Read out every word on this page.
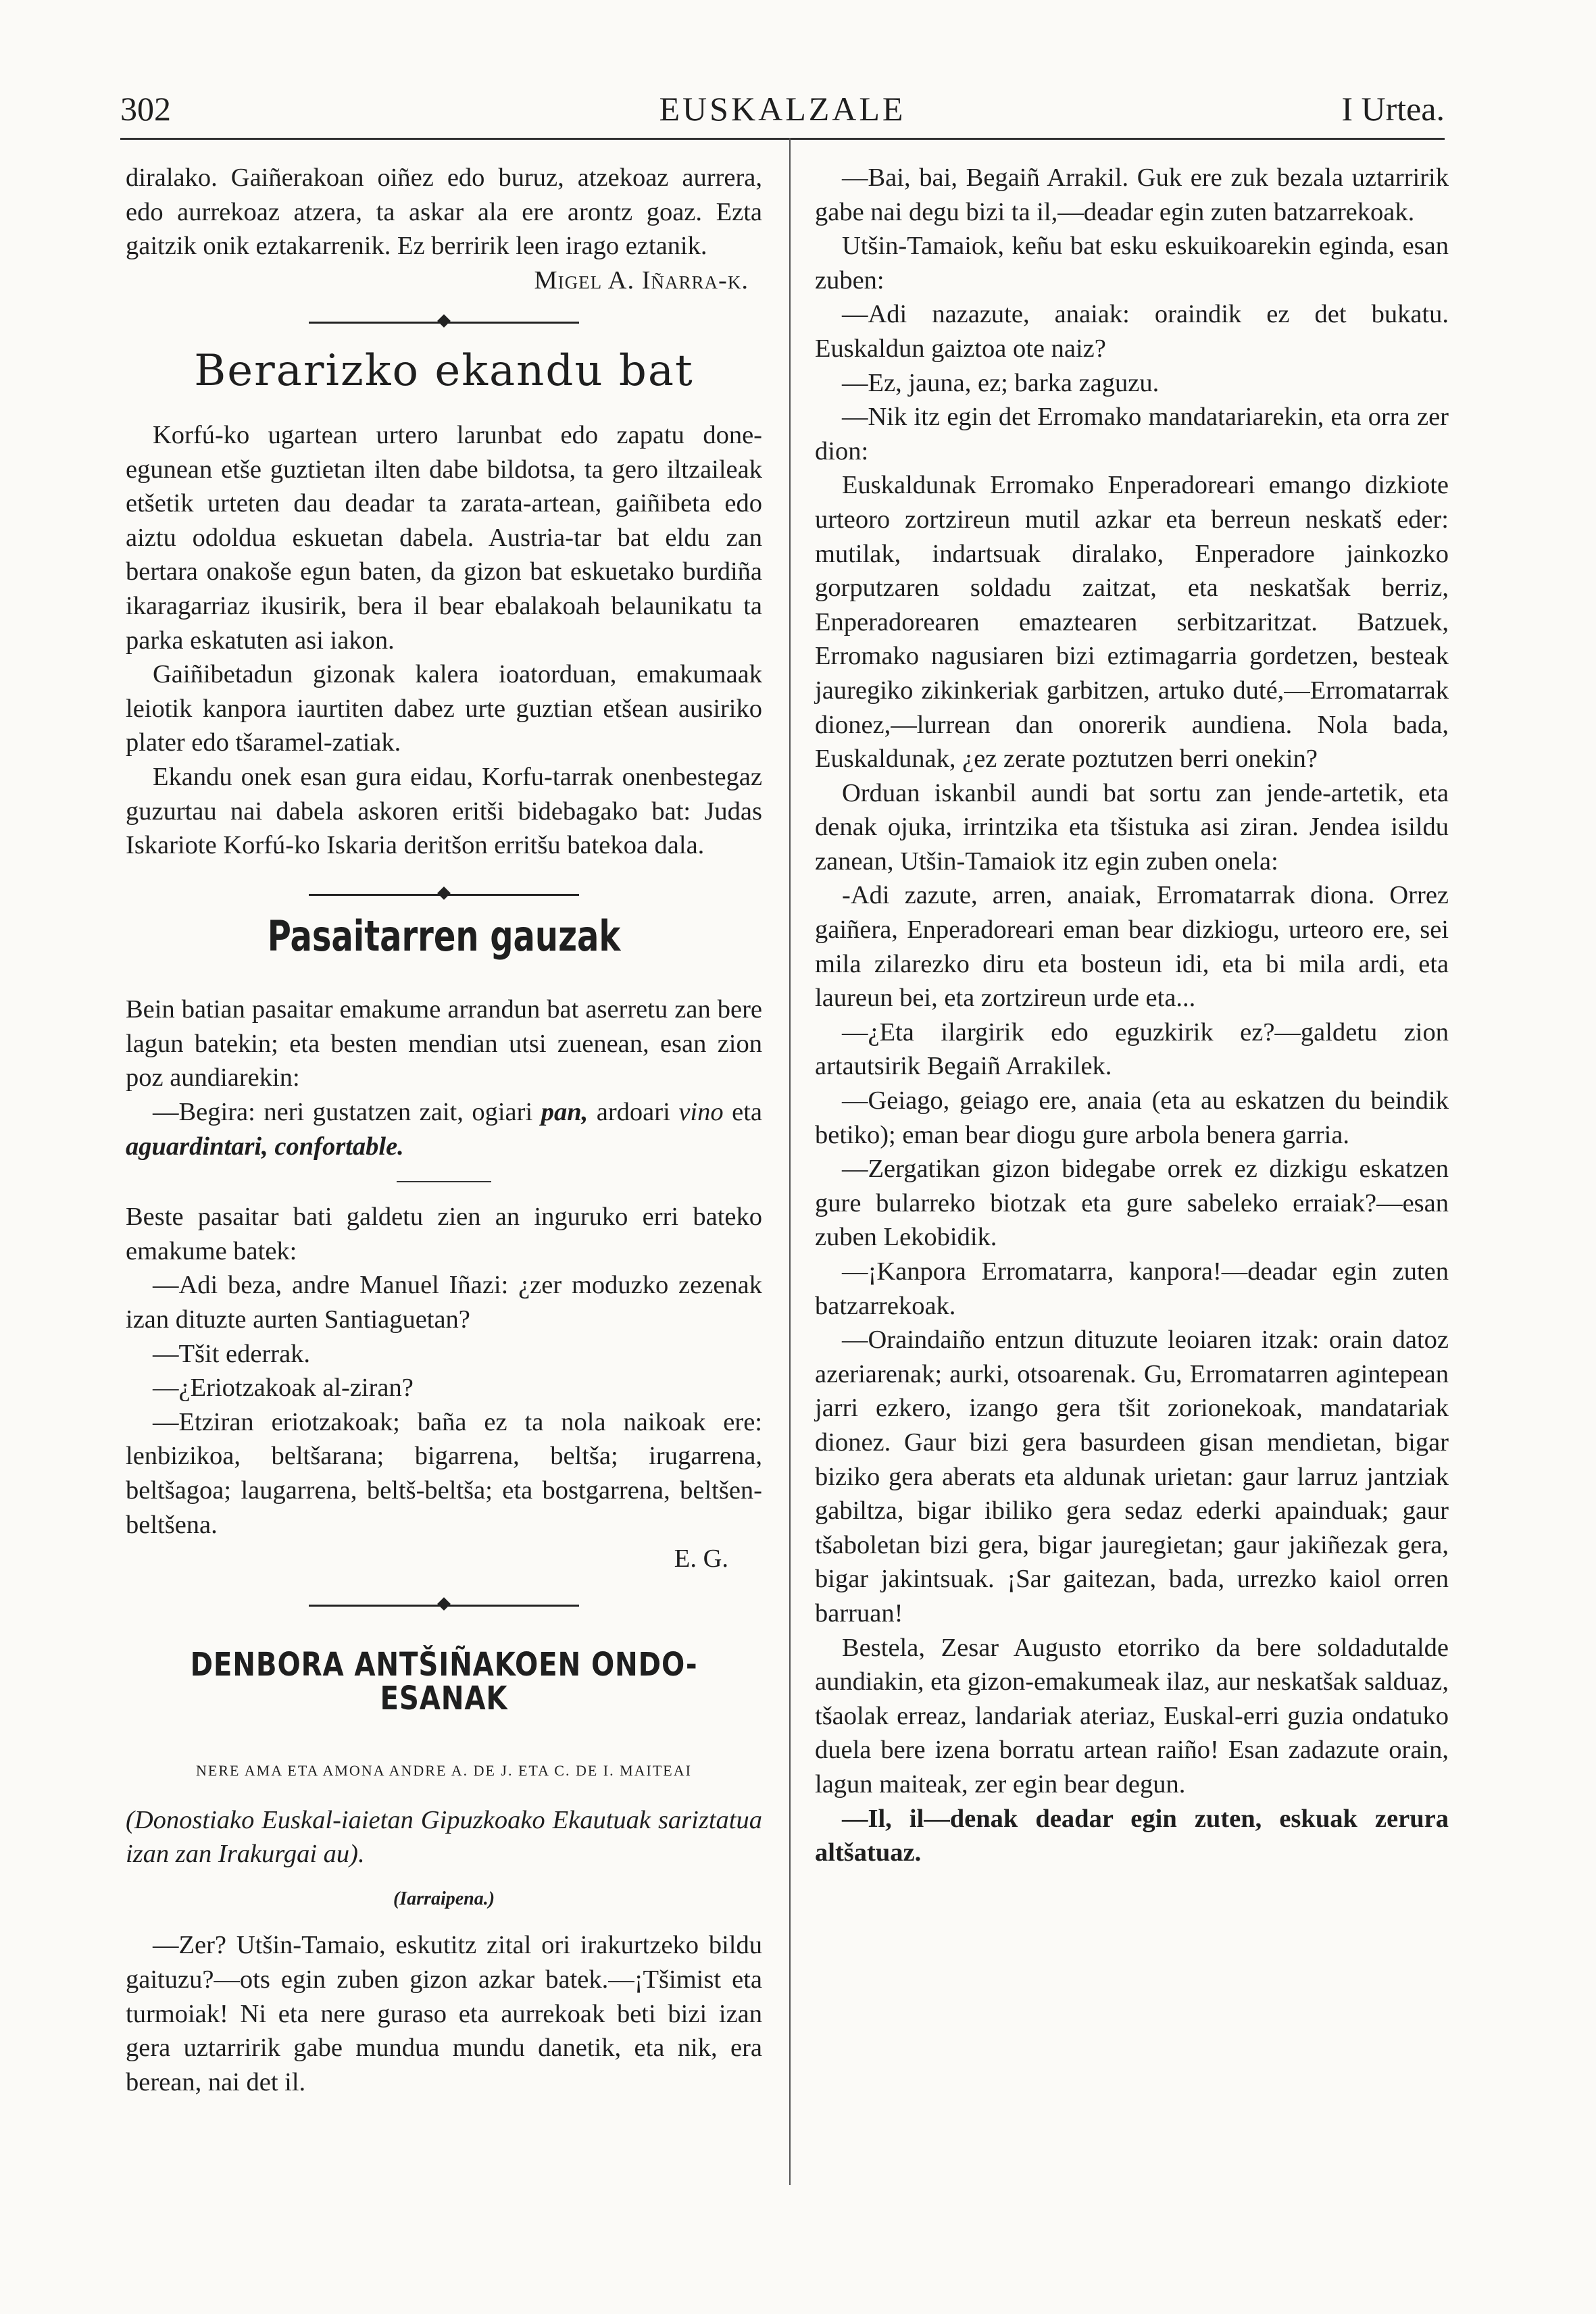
302	EUSKALZALE	I Urtea.

diralako. Gaiñerakoan oiñez edo buruz, atzekoaz aurrera, edo aurrekoaz atzera, ta askar ala ere arontz goaz. Ezta gaitzik onik eztakarrenik. Ez berririk leen irago eztanik.

Migel A. Iñarra-k.

Berarizko ekandu bat

Korfú-ko ugartean urtero larunbat edo zapatu done-egunean etše guztietan ilten dabe bildotsa, ta gero iltzaileak etšetik urteten dau deadar ta zarata-artean, gaiñibeta edo aiztu odoldua eskuetan dabela. Austria-tar bat eldu zan bertara onakoše egun baten, da gizon bat eskuetako burdiña ikaragarriaz ikusirik, bera il bear ebalakoah belaunikatu ta parka eskatuten asi iakon.

Gaiñibetadun gizonak kalera ioatorduan, emakumaak leiotik kanpora iaurtiten dabez urte guztian etšean ausiriko plater edo tšaramel-zatiak.

Ekandu onek esan gura eidau, Korfu-tarrak onenbestegaz guzurtau nai dabela askoren eritši bidebagako bat: Judas Iskariote Korfú-ko Iskaria deritšon erritšu batekoa dala.

Pasaitarren gauzak

Bein batian pasaitar emakume arrandun bat aserretu zan bere lagun batekin; eta besten mendian utsi zuenean, esan zion poz aundiarekin:

—Begira: neri gustatzen zait, ogiari pan, ardoari vino eta aguardintari, confortable.

Beste pasaitar bati galdetu zien an inguruko erri bateko emakume batek:

—Adi beza, andre Manuel Iñazi: ¿zer moduzko zezenak izan dituzte aurten Santiaguetan?

—Tšit ederrak.

—¿Eriotzakoak al-ziran?

—Etziran eriotzakoak; baña ez ta nola naikoak ere: lenbizikoa, beltšarana; bigarrena, beltša; irugarrena, beltšagoa; laugarrena, beltš-beltša; eta bostgarrena, beltšen-beltšena.

E. G.

DENBORA ANTŠIÑAKOEN ONDO-ESANAK

NERE AMA ETA AMONA ANDRE A. DE J. ETA C. DE I. MAITEAI

(Donostiako Euskal-iaietan Gipuzkoako Ekautuak sariztatua izan zan Irakurgai au).

(Iarraipena.)

—Zer? Utšin-Tamaio, eskutitz zital ori irakurtzeko bildu gaituzu?—ots egin zuben gizon azkar batek.—¡Tšimist eta turmoiak! Ni eta nere guraso eta aurrekoak beti bizi izan gera uztarririk gabe mundua mundu danetik, eta nik, era berean, nai det il.

—Bai, bai, Begaiñ Arrakil. Guk ere zuk bezala uztarririk gabe nai degu bizi ta il,—deadar egin zuten batzarrekoak.

Utšin-Tamaiok, keñu bat esku eskuikoarekin eginda, esan zuben:

—Adi nazazute, anaiak: oraindik ez det bukatu. Euskaldun gaiztoa ote naiz?

—Ez, jauna, ez; barka zaguzu.

—Nik itz egin det Erromako mandatariarekin, eta orra zer dion:

Euskaldunak Erromako Enperadoreari emango dizkiote urteoro zortzireun mutil azkar eta berreun neskatš eder: mutilak, indartsuak diralako, Enperadore jainkozko gorputzaren soldadu zaitzat, eta neskatšak berriz, Enperadorearen emaztearen serbitzaritzat. Batzuek, Erromako nagusiaren bizi eztimagarria gordetzen, besteak jauregiko zikinkeriak garbitzen, artuko duté,—Erromatarrak dionez,—lurrean dan onorerik aundiena. Nola bada, Euskaldunak, ¿ez zerate poztutzen berri onekin?

Orduan iskanbil aundi bat sortu zan jende-artetik, eta denak ojuka, irrintzika eta tšistuka asi ziran. Jendea isildu zanean, Utšin-Tamaiok itz egin zuben onela:

-Adi zazute, arren, anaiak, Erromatarrak diona. Orrez gaiñera, Enperadoreari eman bear dizkiogu, urteoro ere, sei mila zilarezko diru eta bosteun idi, eta bi mila ardi, eta laureun bei, eta zortzireun urde eta...

—¿Eta ilargirik edo eguzkirik ez?—galdetu zion artautsirik Begaiñ Arrakilek.

—Geiago, geiago ere, anaia (eta au eskatzen du beindik betiko); eman bear diogu gure arbola benera garria.

—Zergatikan gizon bidegabe orrek ez dizkigu eskatzen gure bularreko biotzak eta gure sabeleko erraiak?—esan zuben Lekobidik.

—¡Kanpora Erromatarra, kanpora!—deadar egin zuten batzarrekoak.

—Oraindaiño entzun dituzute leoiaren itzak: orain datoz azeriarenak; aurki, otsoarenak. Gu, Erromatarren agintepean jarri ezkero, izango gera tšit zorionekoak, mandatariak dionez. Gaur bizi gera basurdeen gisan mendietan, bigar biziko gera aberats eta aldunak urietan: gaur larruz jantziak gabiltza, bigar ibiliko gera sedaz ederki apainduak; gaur tšaboletan bizi gera, bigar jauregietan; gaur jakiñezak gera, bigar jakintsuak. ¡Sar gaitezan, bada, urrezko kaiol orren barruan!

Bestela, Zesar Augusto etorriko da bere soldadutalde aundiakin, eta gizon-emakumeak ilaz, aur neskatšak salduaz, tšaolak erreaz, landariak ateriaz, Euskal-erri guzia ondatuko duela bere izena borratu artean raiño! Esan zadazute orain, lagun maiteak, zer egin bear degun.

—Il, il—denak deadar egin zuten, eskuak zerura altšatuaz.
